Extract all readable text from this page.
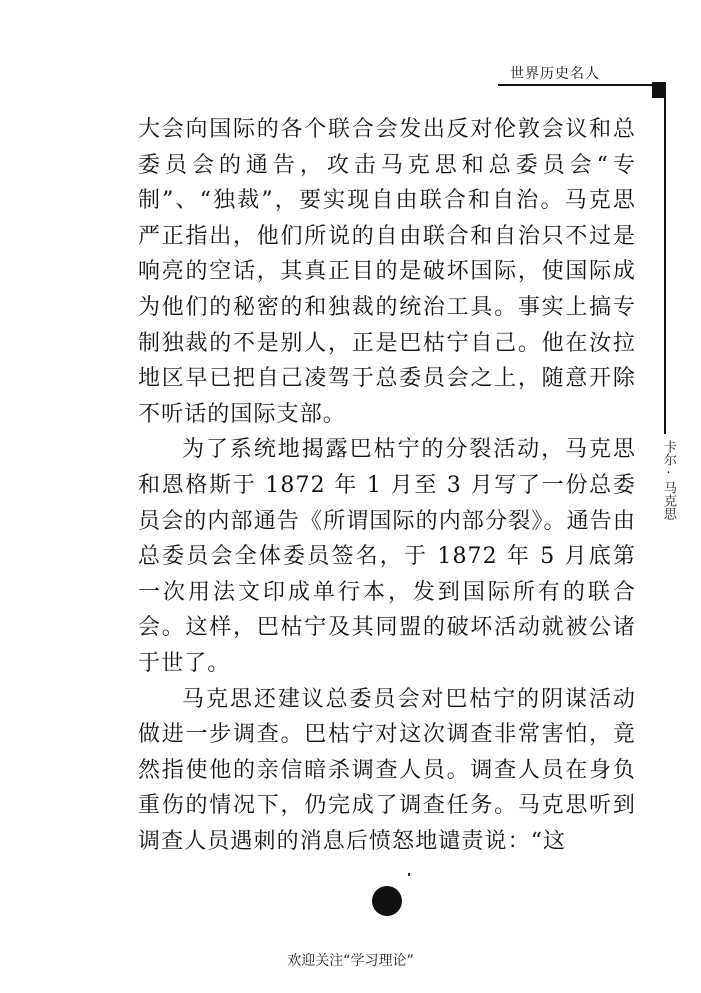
世界历史名人
卡尔·马克思

大会向国际的各个联合会发出反对伦敦会议和总委员会的通告，攻击马克思和总委员会“专制”、“独裁”，要实现自由联合和自治。马克思严正指出，他们所说的自由联合和自治只不过是响亮的空话，其真正目的是破坏国际，使国际成为他们的秘密的和独裁的统治工具。事实上搞专制独裁的不是别人，正是巴枯宁自己。他在汝拉地区早已把自己凌驾于总委员会之上，随意开除不听话的国际支部。

为了系统地揭露巴枯宁的分裂活动，马克思和恩格斯于 1872 年 1 月至 3 月写了一份总委员会的内部通告《所谓国际的内部分裂》。通告由总委员会全体委员签名，于 1872 年 5 月底第一次用法文印成单行本，发到国际所有的联合会。这样，巴枯宁及其同盟的破坏活动就被公诸于世了。

马克思还建议总委员会对巴枯宁的阴谋活动做进一步调查。巴枯宁对这次调查非常害怕，竟然指使他的亲信暗杀调查人员。调查人员在身负重伤的情况下，仍完成了调查任务。马克思听到调查人员遇刺的消息后愤怒地谴责说：“这

欢迎关注“学习理论”
